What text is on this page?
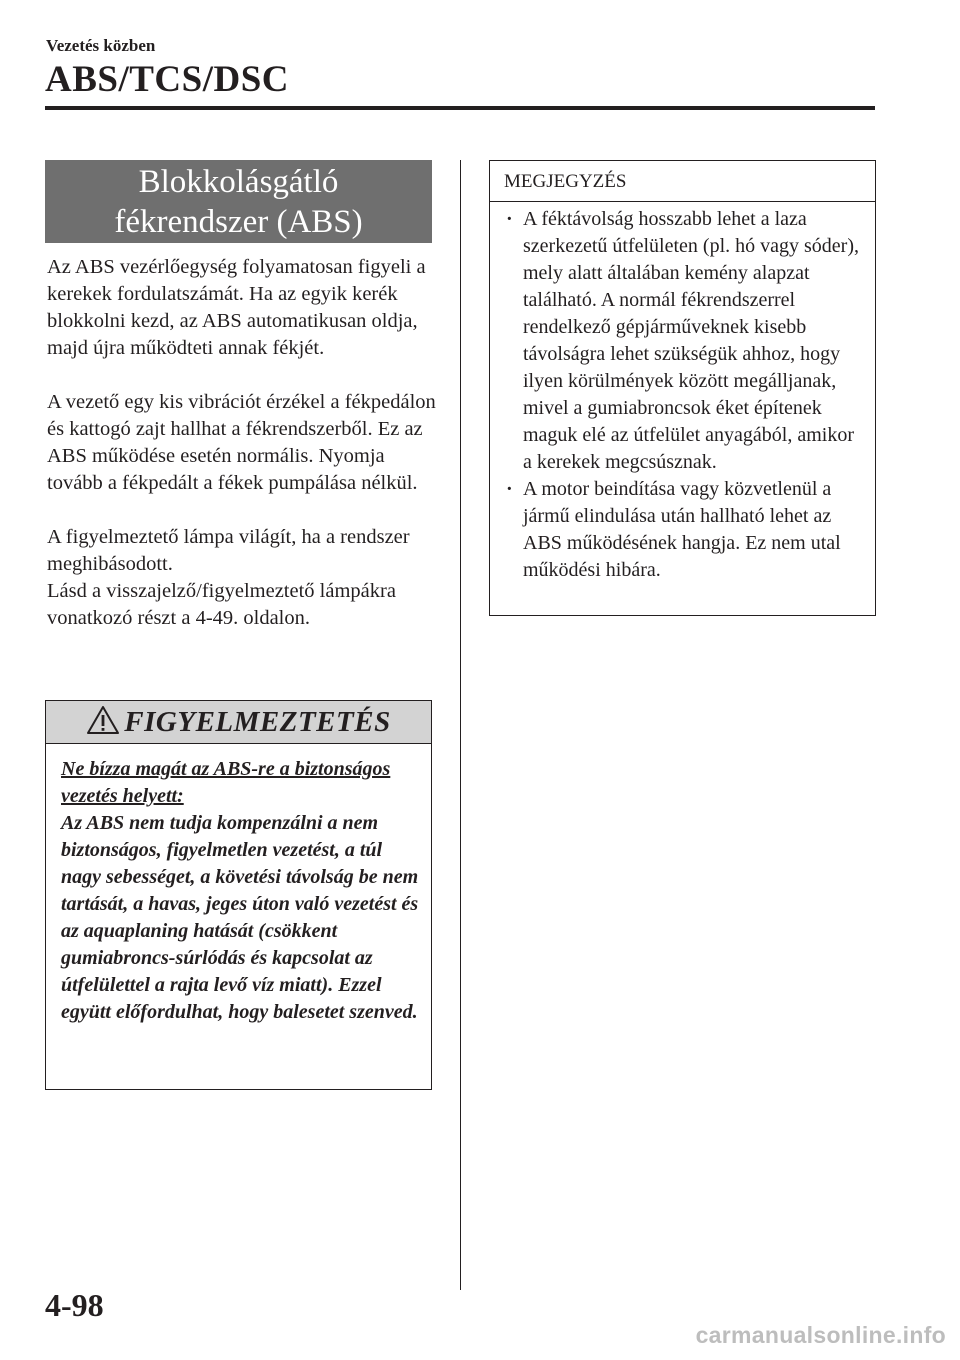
Vezetés közben
ABS/TCS/DSC
Blokkolásgátló
fékrendszer (ABS)

Az ABS vezérlőegység folyamatosan figyeli a kerekek fordulatszámát. Ha az egyik kerék blokkolni kezd, az ABS automatikusan oldja, majd újra működteti annak fékjét.

A vezető egy kis vibrációt érzékel a fékpedálon és kattogó zajt hallhat a fékrendszerből. Ez az ABS működése esetén normális. Nyomja tovább a fékpedált a fékek pumpálása nélkül.

A figyelmeztető lámpa világít, ha a rendszer meghibásodott.

Lásd a visszajelző/figyelmeztető lámpákra vonatkozó részt a 4-49. oldalon.

FIGYELMEZTETÉS
Ne bízza magát az ABS-re a biztonságos vezetés helyett:
Az ABS nem tudja kompenzálni a nem biztonságos, figyelmetlen vezetést, a túl nagy sebességet, a követési távolság be nem tartását, a havas, jeges úton való vezetést és az aquaplaning hatását (csökkent gumiabroncs-súrlódás és kapcsolat az útfelülettel a rajta levő víz miatt). Ezzel együtt előfordulhat, hogy balesetet szenved.
MEGJEGYZÉS
· A féktávolság hosszabb lehet a laza szerkezetű útfelületen (pl. hó vagy sóder), mely alatt általában kemény alapzat található. A normál fékrendszerrel rendelkező gépjárműveknek kisebb távolságra lehet szükségük ahhoz, hogy ilyen körülmények között megálljanak, mivel a gumiabroncsok éket építenek maguk elé az útfelület anyagából, amikor a kerekek megcsúsznak.
· A motor beindítása vagy közvetlenül a jármű elindulása után hallható lehet az ABS működésének hangja. Ez nem utal működési hibára.
4-98
carmanualsonline.info
